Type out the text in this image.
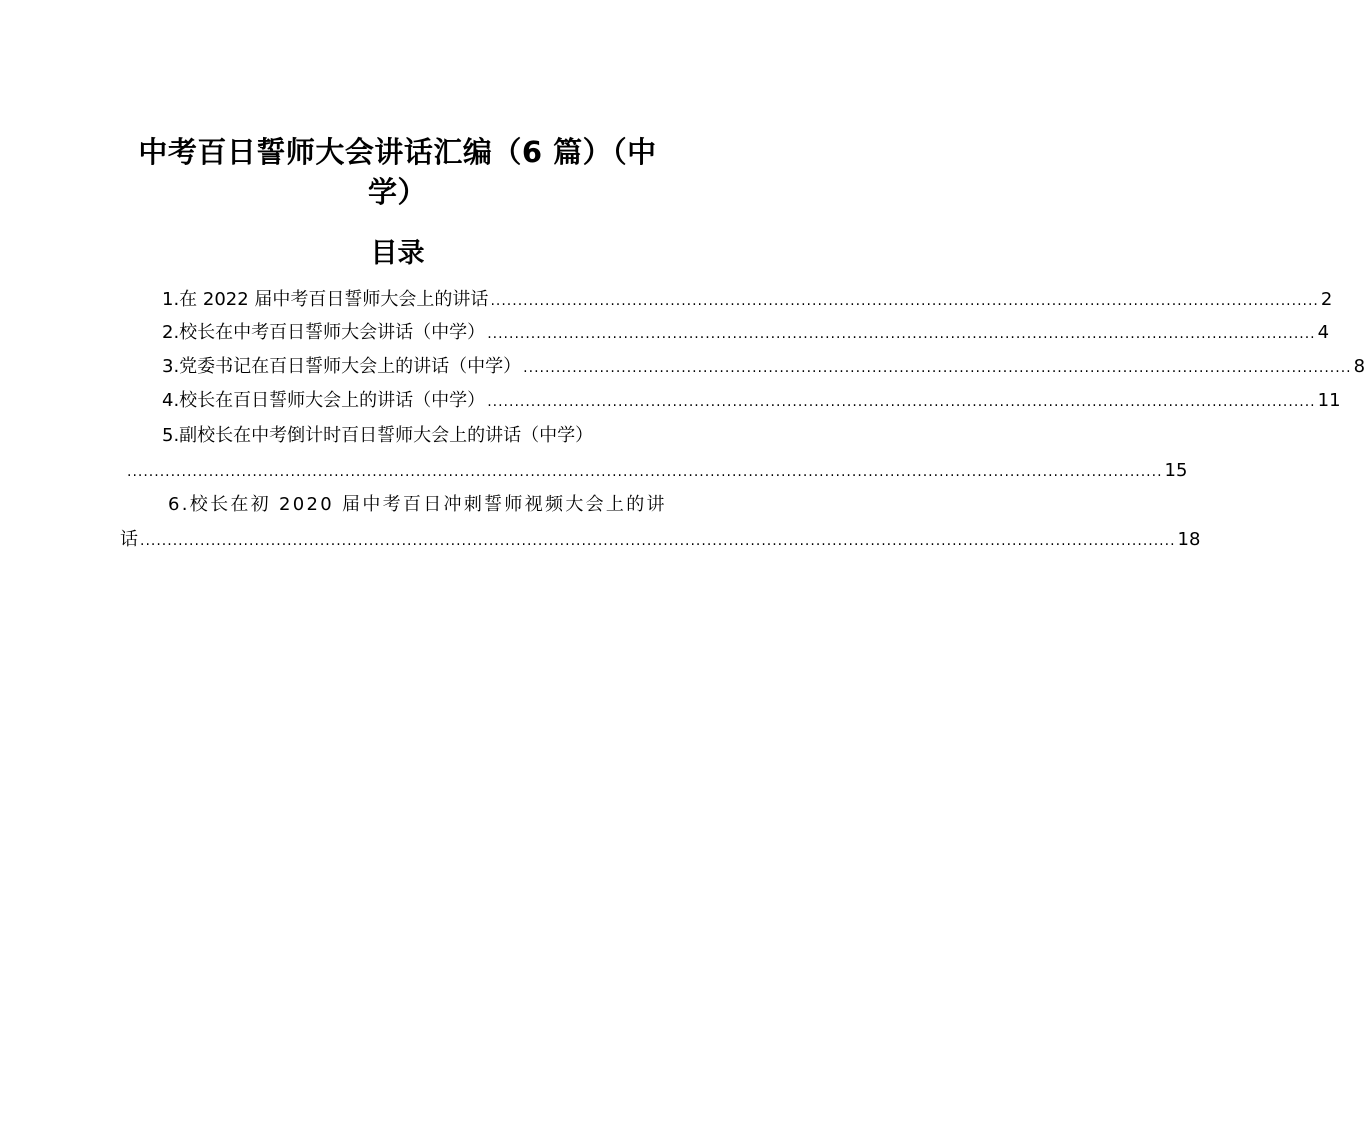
中考百日誓师大会讲话汇编（6 篇）（中学）
目录
1.在 2022 届中考百日誓师大会上的讲话 ........................................................................................................................................................ 2
2.校长在中考百日誓师大会讲话（中学） ........................................................................................................................................................ 4
3.党委书记在百日誓师大会上的讲话（中学） ........................................................................................................................................................ 8
4.校长在百日誓师大会上的讲话（中学） ........................................................................................................................................................ 11
5.副校长在中考倒计时百日誓师大会上的讲话（中学）
.............................................................................................................................................................................................. 15
6.校长在初 2020 届中考百日冲刺誓师视频大会上的讲
话 .............................................................................................................................................................................................. 18
